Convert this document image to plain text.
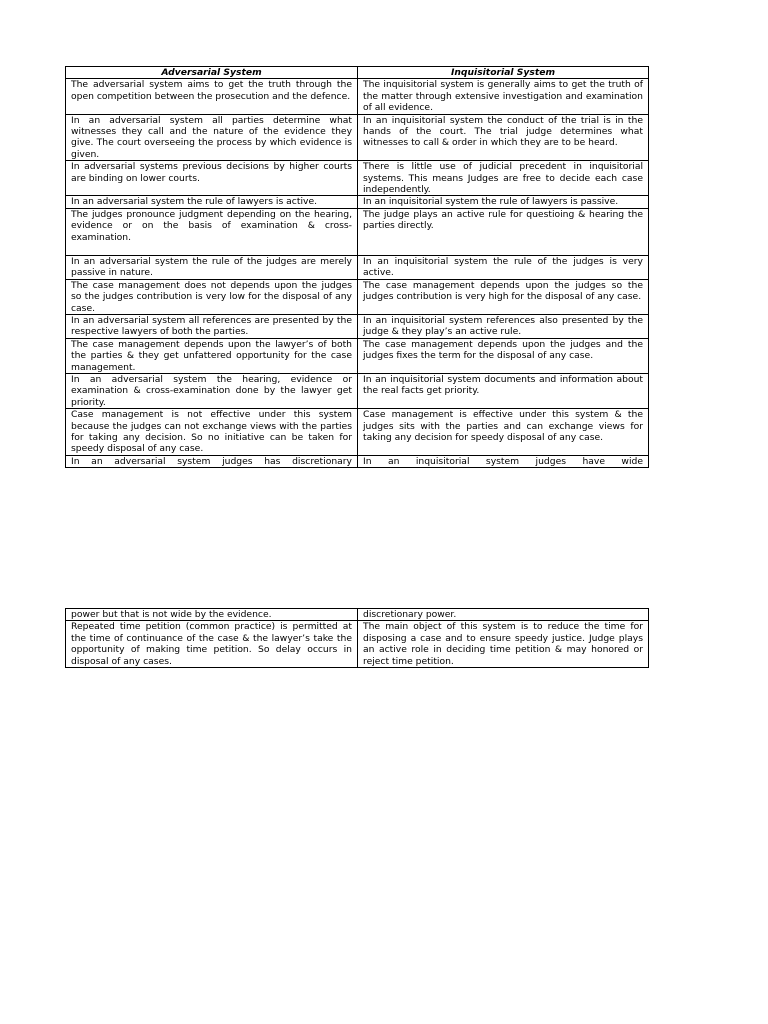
Adversarial System	Inquisitorial System
The adversarial system aims to get the truth through the open competition between the prosecution and the defence.	The inquisitorial system is generally aims to get the truth of the matter through extensive investigation and examination of all evidence.
In an adversarial system all parties determine what witnesses they call and the nature of the evidence they give. The court overseeing the process by which evidence is given.	In an inquisitorial system the conduct of the trial is in the hands of the court. The trial judge determines what witnesses to call & order in which they are to be heard.
In adversarial systems previous decisions by higher courts are binding on lower courts.	There is little use of judicial precedent in inquisitorial systems. This means Judges are free to decide each case independently.
In an adversarial system the rule of lawyers is active.	In an inquisitorial system the rule of lawyers is passive.
The judges pronounce judgment depending on the hearing, evidence or on the basis of examination & cross-examination.	The judge plays an active rule for questioing & hearing the parties directly.
In an adversarial system the rule of the judges are merely passive in nature.	In an inquisitorial system the rule of the judges is very active.
The case management does not depends upon the judges so the judges contribution is very low for the disposal of any case.	The case management depends upon the judges so the judges contribution is very high for the disposal of any case.
In an adversarial system all references are presented by the respective lawyers of both the parties.	In an inquisitorial system references also presented by the judge & they play’s an active rule.
The case management depends upon the lawyer’s of both the parties & they get unfattered opportunity for the case management.	The case management depends upon the judges and the judges fixes the term for the disposal of any case.
In an adversarial system the hearing, evidence or examination & cross-examination done by the lawyer get priority.	In an inquisitorial system documents and information about the real facts get priority.
Case management is not effective under this system because the judges can not exchange views with the parties for taking any decision. So no initiative can be taken for speedy disposal of any case.	Case management is effective under this system & the judges sits with the parties and can exchange views for taking any decision for speedy disposal of any case.
In an adversarial system judges has discretionary	In an inquisitorial system judges have wide
power but that is not wide by the evidence.	discretionary power.
Repeated time petition (common practice) is permitted at the time of continuance of the case & the lawyer’s take the opportunity of making time petition. So delay occurs in disposal of any cases.	The main object of this system is to reduce the time for disposing a case and to ensure speedy justice. Judge plays an active role in deciding time petition & may honored or reject time petition.
